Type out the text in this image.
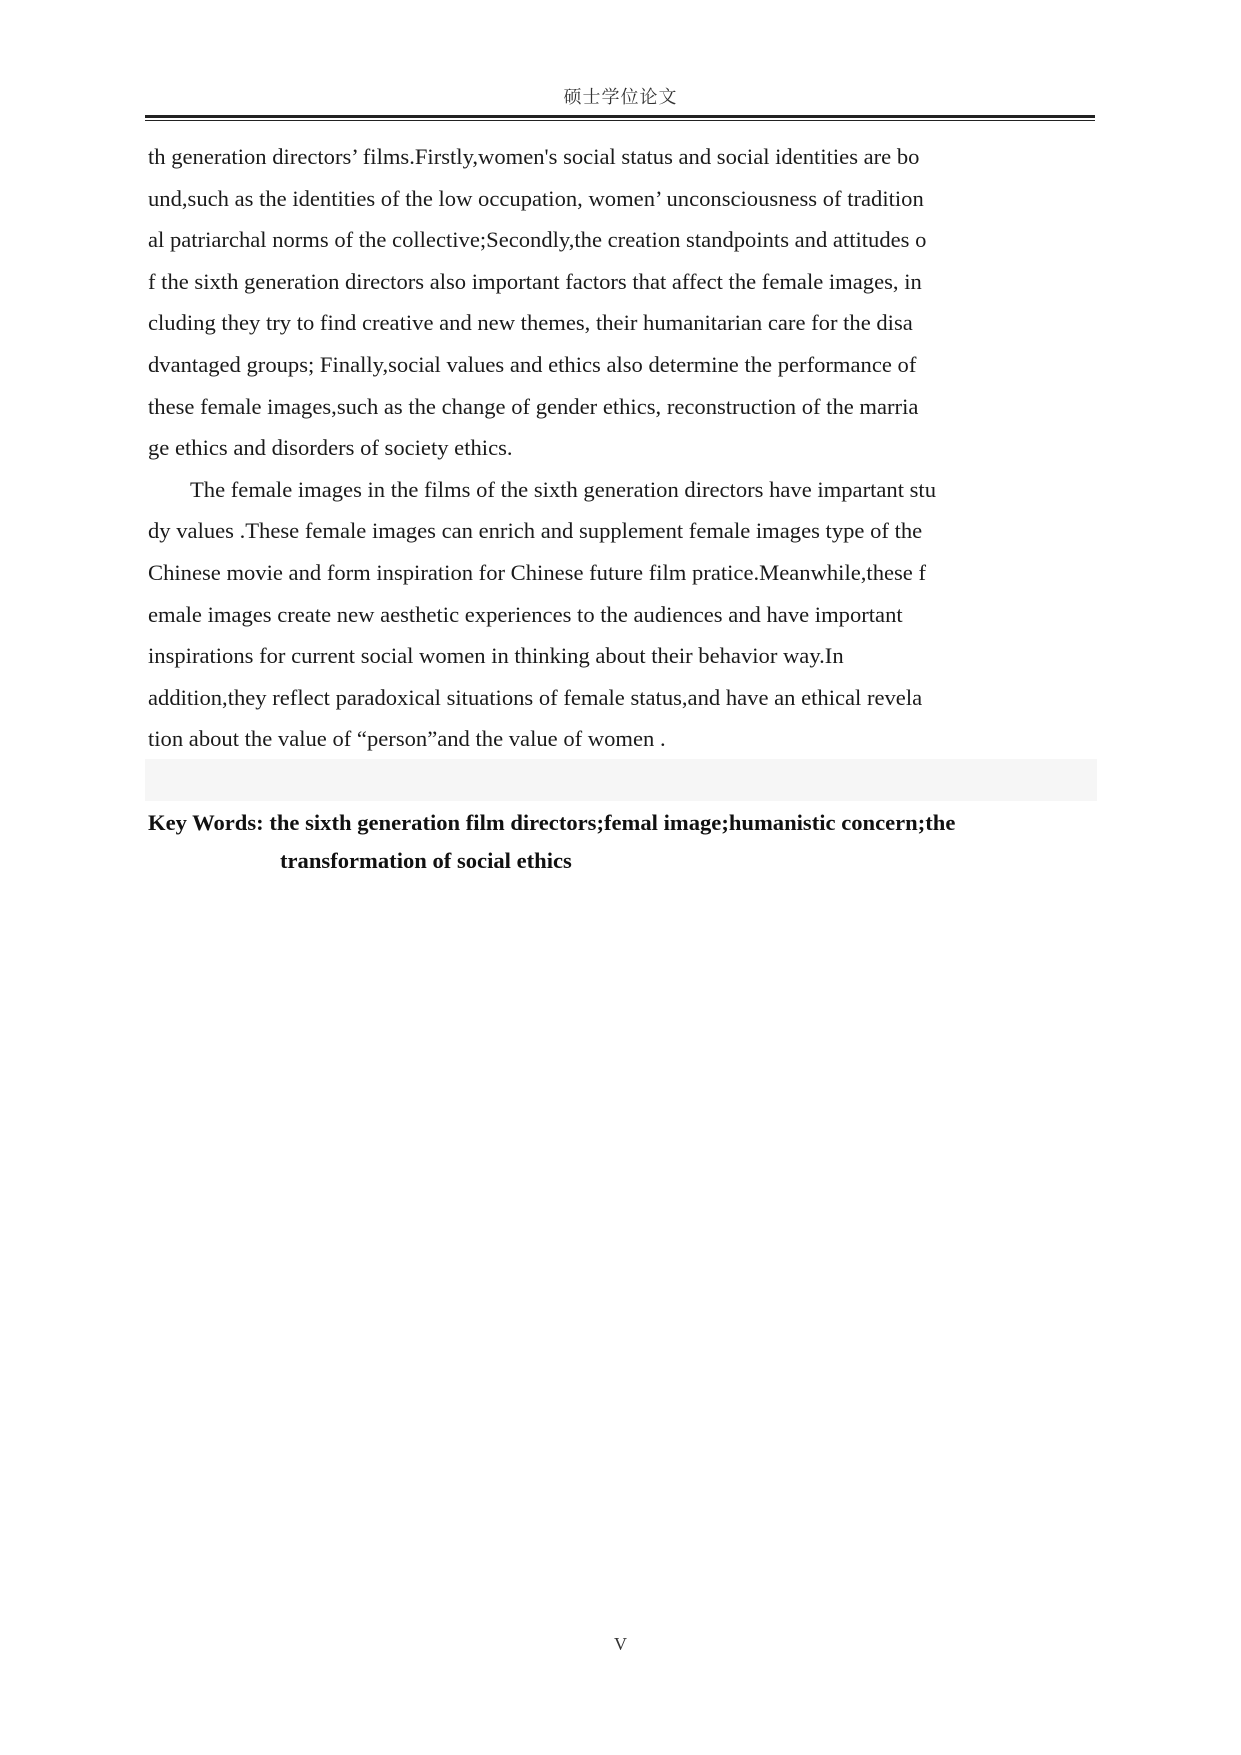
硕士学位论文
th generation directors’ films.Firstly,women's social status and social identities are bo
und,such as the identities of the low occupation, women’ unconsciousness of tradition
al patriarchal norms of the collective;Secondly,the creation standpoints and attitudes o
f the sixth generation directors also important factors that affect the female images, in
cluding they try to find creative and new themes, their humanitarian care for the disa
dvantaged groups; Finally,social values and ethics also determine the performance of
these female images,such as the change of gender ethics, reconstruction of the marria
ge ethics and disorders of society ethics.
The female images in the films of the sixth generation directors have impartant stu
dy values .These female images can enrich and supplement female images type of the
Chinese movie and form inspiration for Chinese future film pratice.Meanwhile,these f
emale images create new aesthetic experiences to the audiences and have important
inspirations for current social women in thinking about their behavior way.In
addition,they reflect paradoxical situations of female status,and have an ethical revela
tion about the value of “person”and the value of women .
Key Words: the sixth generation film directors;femal image;humanistic concern;the
transformation of social ethics
V
